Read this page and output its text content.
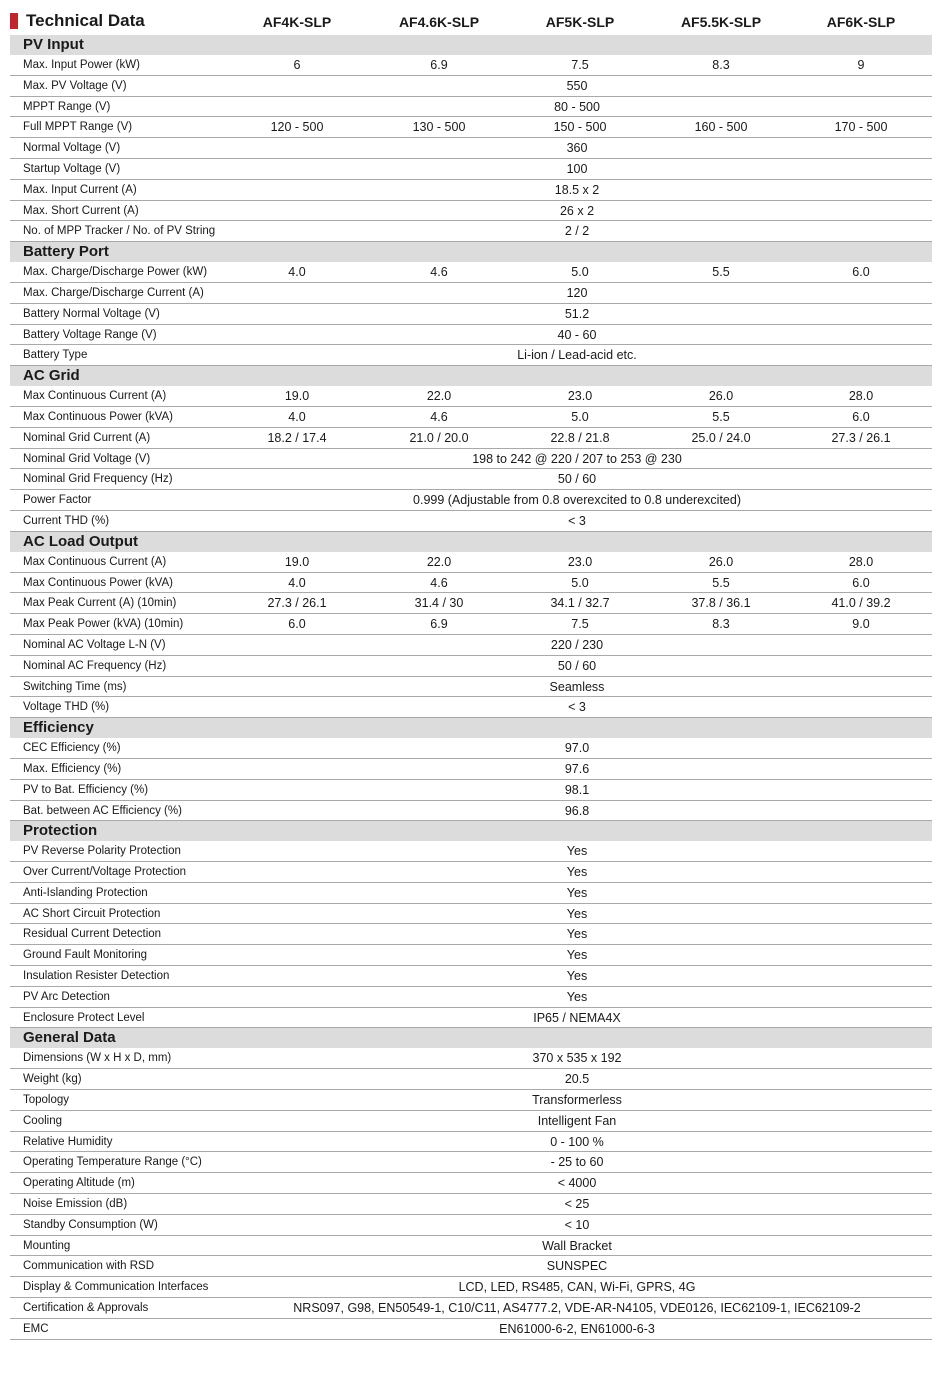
Technical Data	AF4K-SLP	AF4.6K-SLP	AF5K-SLP	AF5.5K-SLP	AF6K-SLP
PV Input
Max. Input Power (kW)	6	6.9	7.5	8.3	9
Max. PV Voltage (V)	550
MPPT Range (V)	80 - 500
Full MPPT Range (V)	120 - 500	130 - 500	150 - 500	160 - 500	170 - 500
Normal Voltage (V)	360
Startup Voltage (V)	100
Max. Input Current (A)	18.5 x 2
Max. Short Current (A)	26 x 2
No. of MPP Tracker / No. of PV String	2 / 2
Battery Port
Max. Charge/Discharge Power (kW)	4.0	4.6	5.0	5.5	6.0
Max. Charge/Discharge Current (A)	120
Battery Normal Voltage (V)	51.2
Battery Voltage Range (V)	40 - 60
Battery Type	Li-ion / Lead-acid etc.
AC Grid
Max Continuous Current (A)	19.0	22.0	23.0	26.0	28.0
Max Continuous Power (kVA)	4.0	4.6	5.0	5.5	6.0
Nominal Grid Current (A)	18.2 / 17.4	21.0 / 20.0	22.8 / 21.8	25.0 / 24.0	27.3 / 26.1
Nominal Grid Voltage (V)	198 to 242 @ 220 / 207 to 253 @ 230
Nominal Grid Frequency (Hz)	50 / 60
Power Factor	0.999 (Adjustable from 0.8 overexcited to 0.8 underexcited)
Current THD (%)	< 3
AC Load Output
Max Continuous Current (A)	19.0	22.0	23.0	26.0	28.0
Max Continuous Power (kVA)	4.0	4.6	5.0	5.5	6.0
Max Peak Current (A) (10min)	27.3 / 26.1	31.4 / 30	34.1 / 32.7	37.8 / 36.1	41.0 / 39.2
Max Peak Power (kVA) (10min)	6.0	6.9	7.5	8.3	9.0
Nominal AC Voltage L-N (V)	220 / 230
Nominal AC Frequency (Hz)	50 / 60
Switching Time (ms)	Seamless
Voltage THD (%)	< 3
Efficiency
CEC Efficiency (%)	97.0
Max. Efficiency (%)	97.6
PV to Bat. Efficiency (%)	98.1
Bat. between AC Efficiency (%)	96.8
Protection
PV Reverse Polarity Protection	Yes
Over Current/Voltage Protection	Yes
Anti-Islanding Protection	Yes
AC Short Circuit Protection	Yes
Residual Current Detection	Yes
Ground Fault Monitoring	Yes
Insulation Resister Detection	Yes
PV Arc Detection	Yes
Enclosure Protect Level	IP65 / NEMA4X
General Data
Dimensions (W x H x D, mm)	370 x 535 x 192
Weight (kg)	20.5
Topology	Transformerless
Cooling	Intelligent Fan
Relative Humidity	0 - 100 %
Operating Temperature Range (°C)	- 25 to 60
Operating Altitude (m)	< 4000
Noise Emission (dB)	< 25
Standby Consumption (W)	< 10
Mounting	Wall Bracket
Communication with RSD	SUNSPEC
Display & Communication Interfaces	LCD, LED, RS485, CAN, Wi-Fi, GPRS, 4G
Certification & Approvals	NRS097, G98, EN50549-1, C10/C11, AS4777.2, VDE-AR-N4105, VDE0126, IEC62109-1, IEC62109-2
EMC	EN61000-6-2, EN61000-6-3
